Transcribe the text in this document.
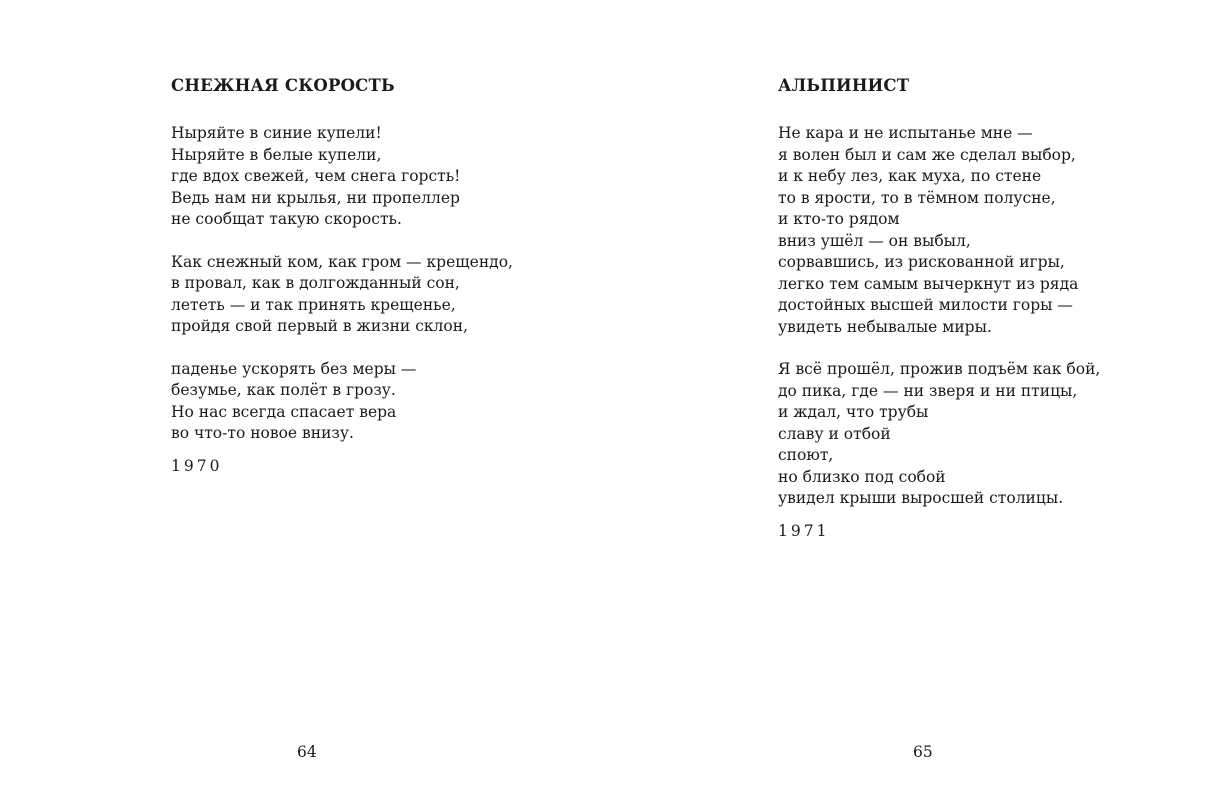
СНЕЖНАЯ СКОРОСТЬ
Ныряйте в синие купели!
Ныряйте в белые купели,
где вдох свежей, чем снега горсть!
Ведь нам ни крылья, ни пропеллер
не сообщат такую скорость.
Как снежный ком, как гром — крещендо,
в провал, как в долгожданный сон,
лететь — и так принять крещенье,
пройдя свой первый в жизни склон,
паденье ускорять без меры —
безумье, как полёт в грозу.
Но нас всегда спасает вера
во что-то новое внизу.
1970
64
АЛЬПИНИСТ
Не кара и не испытанье мне —
я волен был и сам же сделал выбор,
и к небу лез, как муха, по стене
то в ярости, то в тёмном полусне,
и кто-то рядом
вниз ушёл — он выбыл,
сорвавшись, из рискованной игры,
легко тем самым вычеркнут из ряда
достойных высшей милости горы —
увидеть небывалые миры.
Я всё прошёл, прожив подъём как бой,
до пика, где — ни зверя и ни птицы,
и ждал, что трубы
славу и отбой
споют,
но близко под собой
увидел крыши выросшей столицы.
1971
65
